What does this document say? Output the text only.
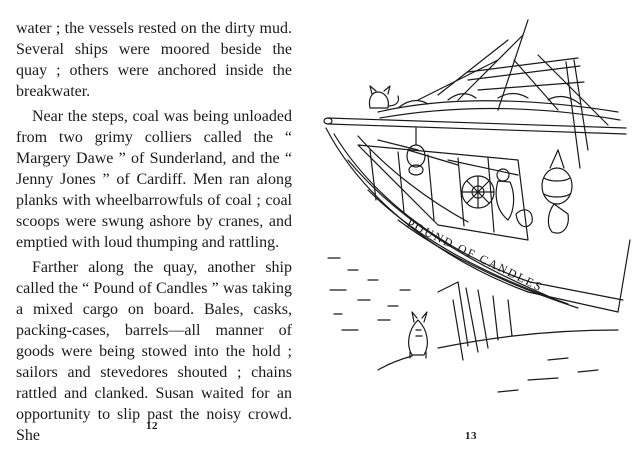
water ; the vessels rested on the dirty mud. Several ships were moored beside the quay ; others were anchored inside the breakwater.

Near the steps, coal was being unloaded from two grimy colliers called the “ Margery Dawe ” of Sunderland, and the “ Jenny Jones ” of Cardiff. Men ran along planks with wheelbarrowfuls of coal ; coal scoops were swung ashore by cranes, and emptied with loud thumping and rattling.

Farther along the quay, another ship called the “ Pound of Candles ” was taking a mixed cargo on board. Bales, casks, packing-cases, barrels—all manner of goods were being stowed into the hold ; sailors and stevedores shouted ; chains rattled and clanked. Susan waited for an opportunity to slip past the noisy crowd. She

12
POUND OF CANDLES
13
